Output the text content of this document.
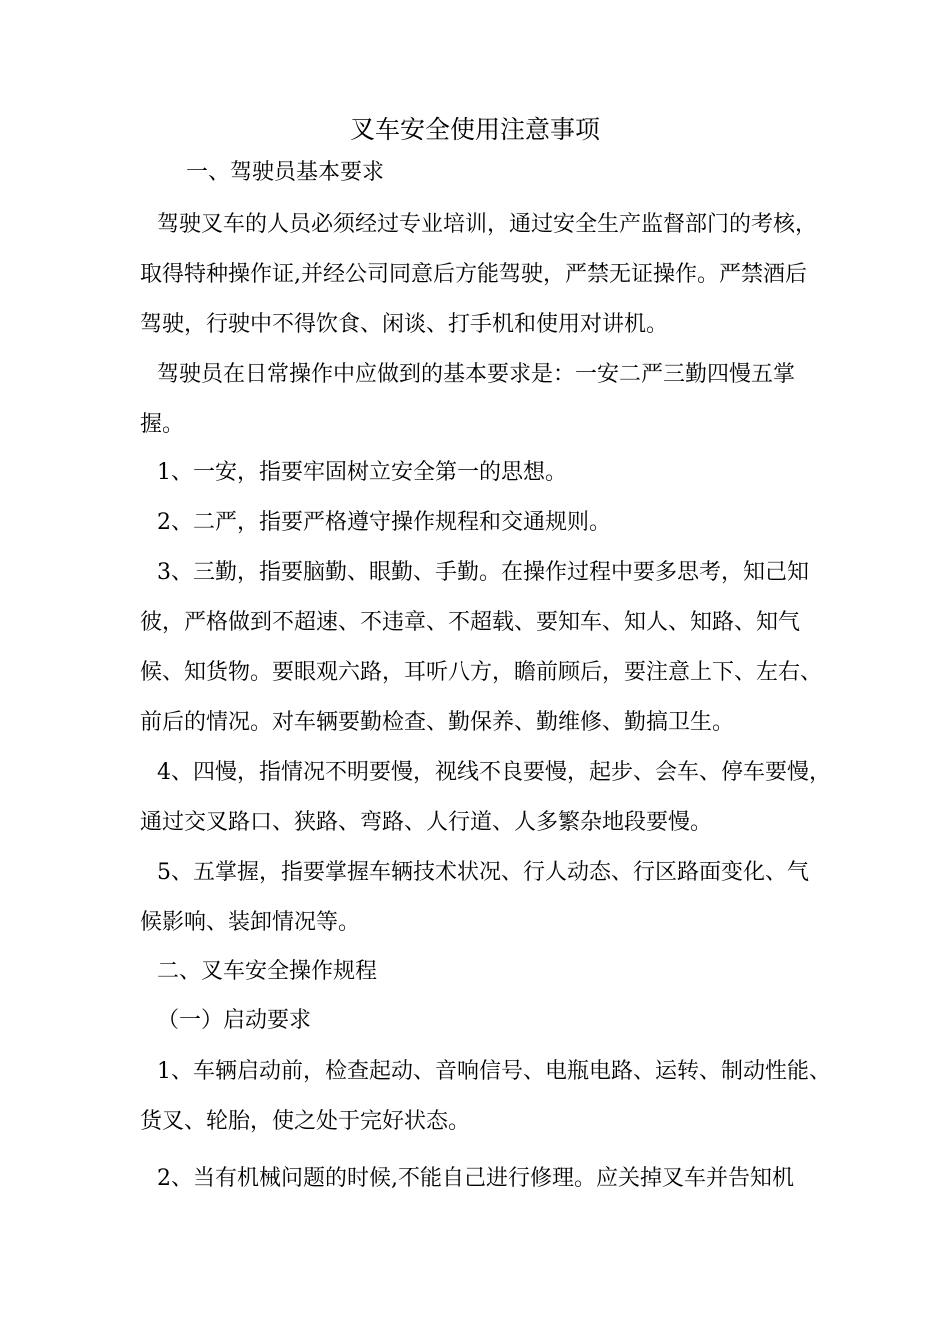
叉车安全使用注意事项
一、驾驶员基本要求
驾驶叉车的人员必须经过专业培训，通过安全生产监督部门的考核，
取得特种操作证,并经公司同意后方能驾驶，严禁无证操作。严禁酒后
驾驶，行驶中不得饮食、闲谈、打手机和使用对讲机。
驾驶员在日常操作中应做到的基本要求是：一安二严三勤四慢五掌
握。
1、一安，指要牢固树立安全第一的思想。
2、二严，指要严格遵守操作规程和交通规则。
3、三勤，指要脑勤、眼勤、手勤。在操作过程中要多思考，知己知
彼，严格做到不超速、不违章、不超载、要知车、知人、知路、知气
候、知货物。要眼观六路，耳听八方，瞻前顾后，要注意上下、左右、
前后的情况。对车辆要勤检查、勤保养、勤维修、勤搞卫生。
4、四慢，指情况不明要慢，视线不良要慢，起步、会车、停车要慢，
通过交叉路口、狭路、弯路、人行道、人多繁杂地段要慢。
5、五掌握，指要掌握车辆技术状况、行人动态、行区路面变化、气
候影响、装卸情况等。
二、叉车安全操作规程
（一）启动要求
1、车辆启动前，检查起动、音响信号、电瓶电路、运转、制动性能、
货叉、轮胎，使之处于完好状态。
2、当有机械问题的时候,不能自己进行修理。应关掉叉车并告知机
